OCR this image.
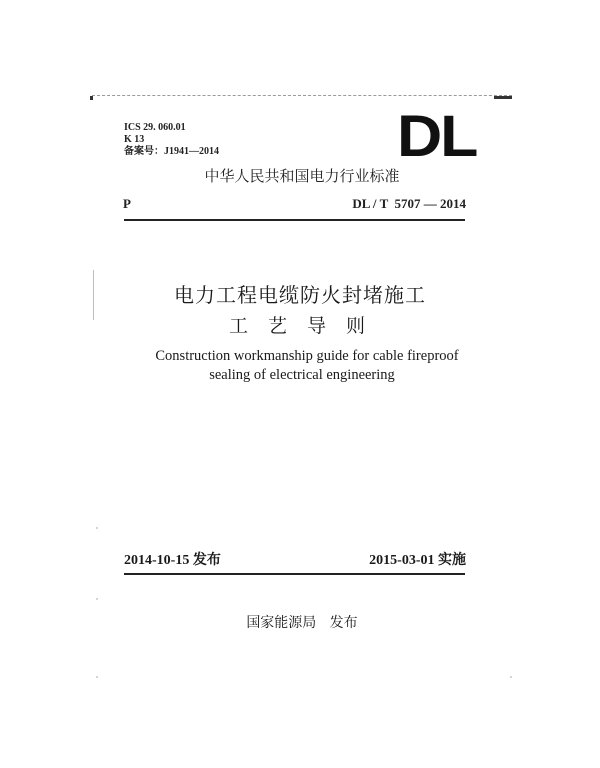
ICS 29. 060.01
K 13
备案号：J1941—2014	DL
中华人民共和国电力行业标准
P	DL / T  5707 — 2014
电力工程电缆防火封堵施工
工艺导则
Construction workmanship guide for cable fireproof
sealing of electrical engineering
2014-10-15 发布	2015-03-01 实施
国家能源局   发布
